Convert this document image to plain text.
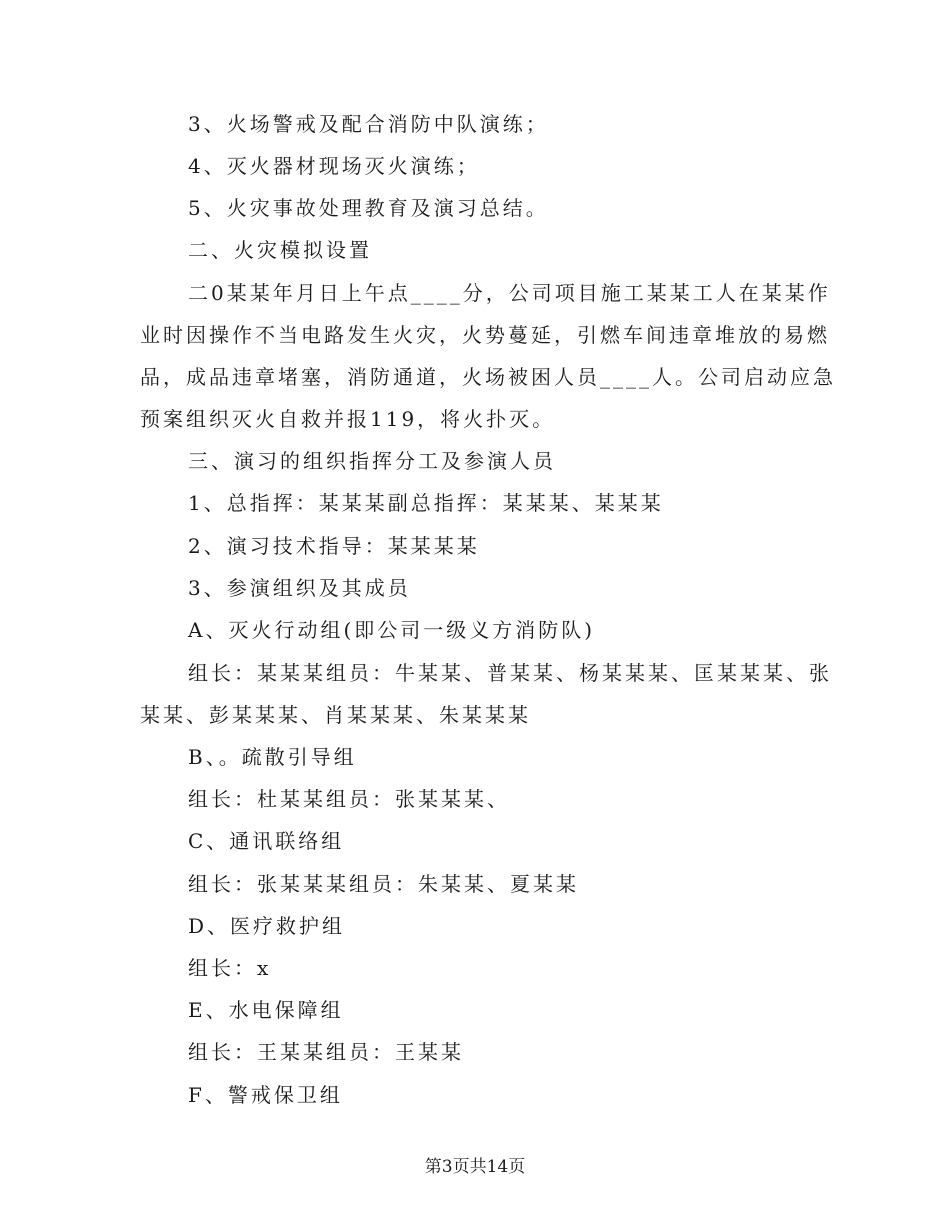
3、火场警戒及配合消防中队演练；
4、灭火器材现场灭火演练；
5、火灾事故处理教育及演习总结。
二、火灾模拟设置
二0某某年月日上午点____分，公司项目施工某某工人在某某作
业时因操作不当电路发生火灾，火势蔓延，引燃车间违章堆放的易燃
品，成品违章堵塞，消防通道，火场被困人员____人。公司启动应急
预案组织灭火自救并报119，将火扑灭。
三、演习的组织指挥分工及参演人员
1、总指挥：某某某副总指挥：某某某、某某某
2、演习技术指导：某某某某
3、参演组织及其成员
A、灭火行动组(即公司一级义方消防队)
组长：某某某组员：牛某某、普某某、杨某某某、匡某某某、张
某某、彭某某某、肖某某某、朱某某某
B、。疏散引导组
组长：杜某某组员：张某某某、
C、通讯联络组
组长：张某某某组员：朱某某、夏某某
D、医疗救护组
组长：x
E、水电保障组
组长：王某某组员：王某某
F、警戒保卫组
第3页共14页
